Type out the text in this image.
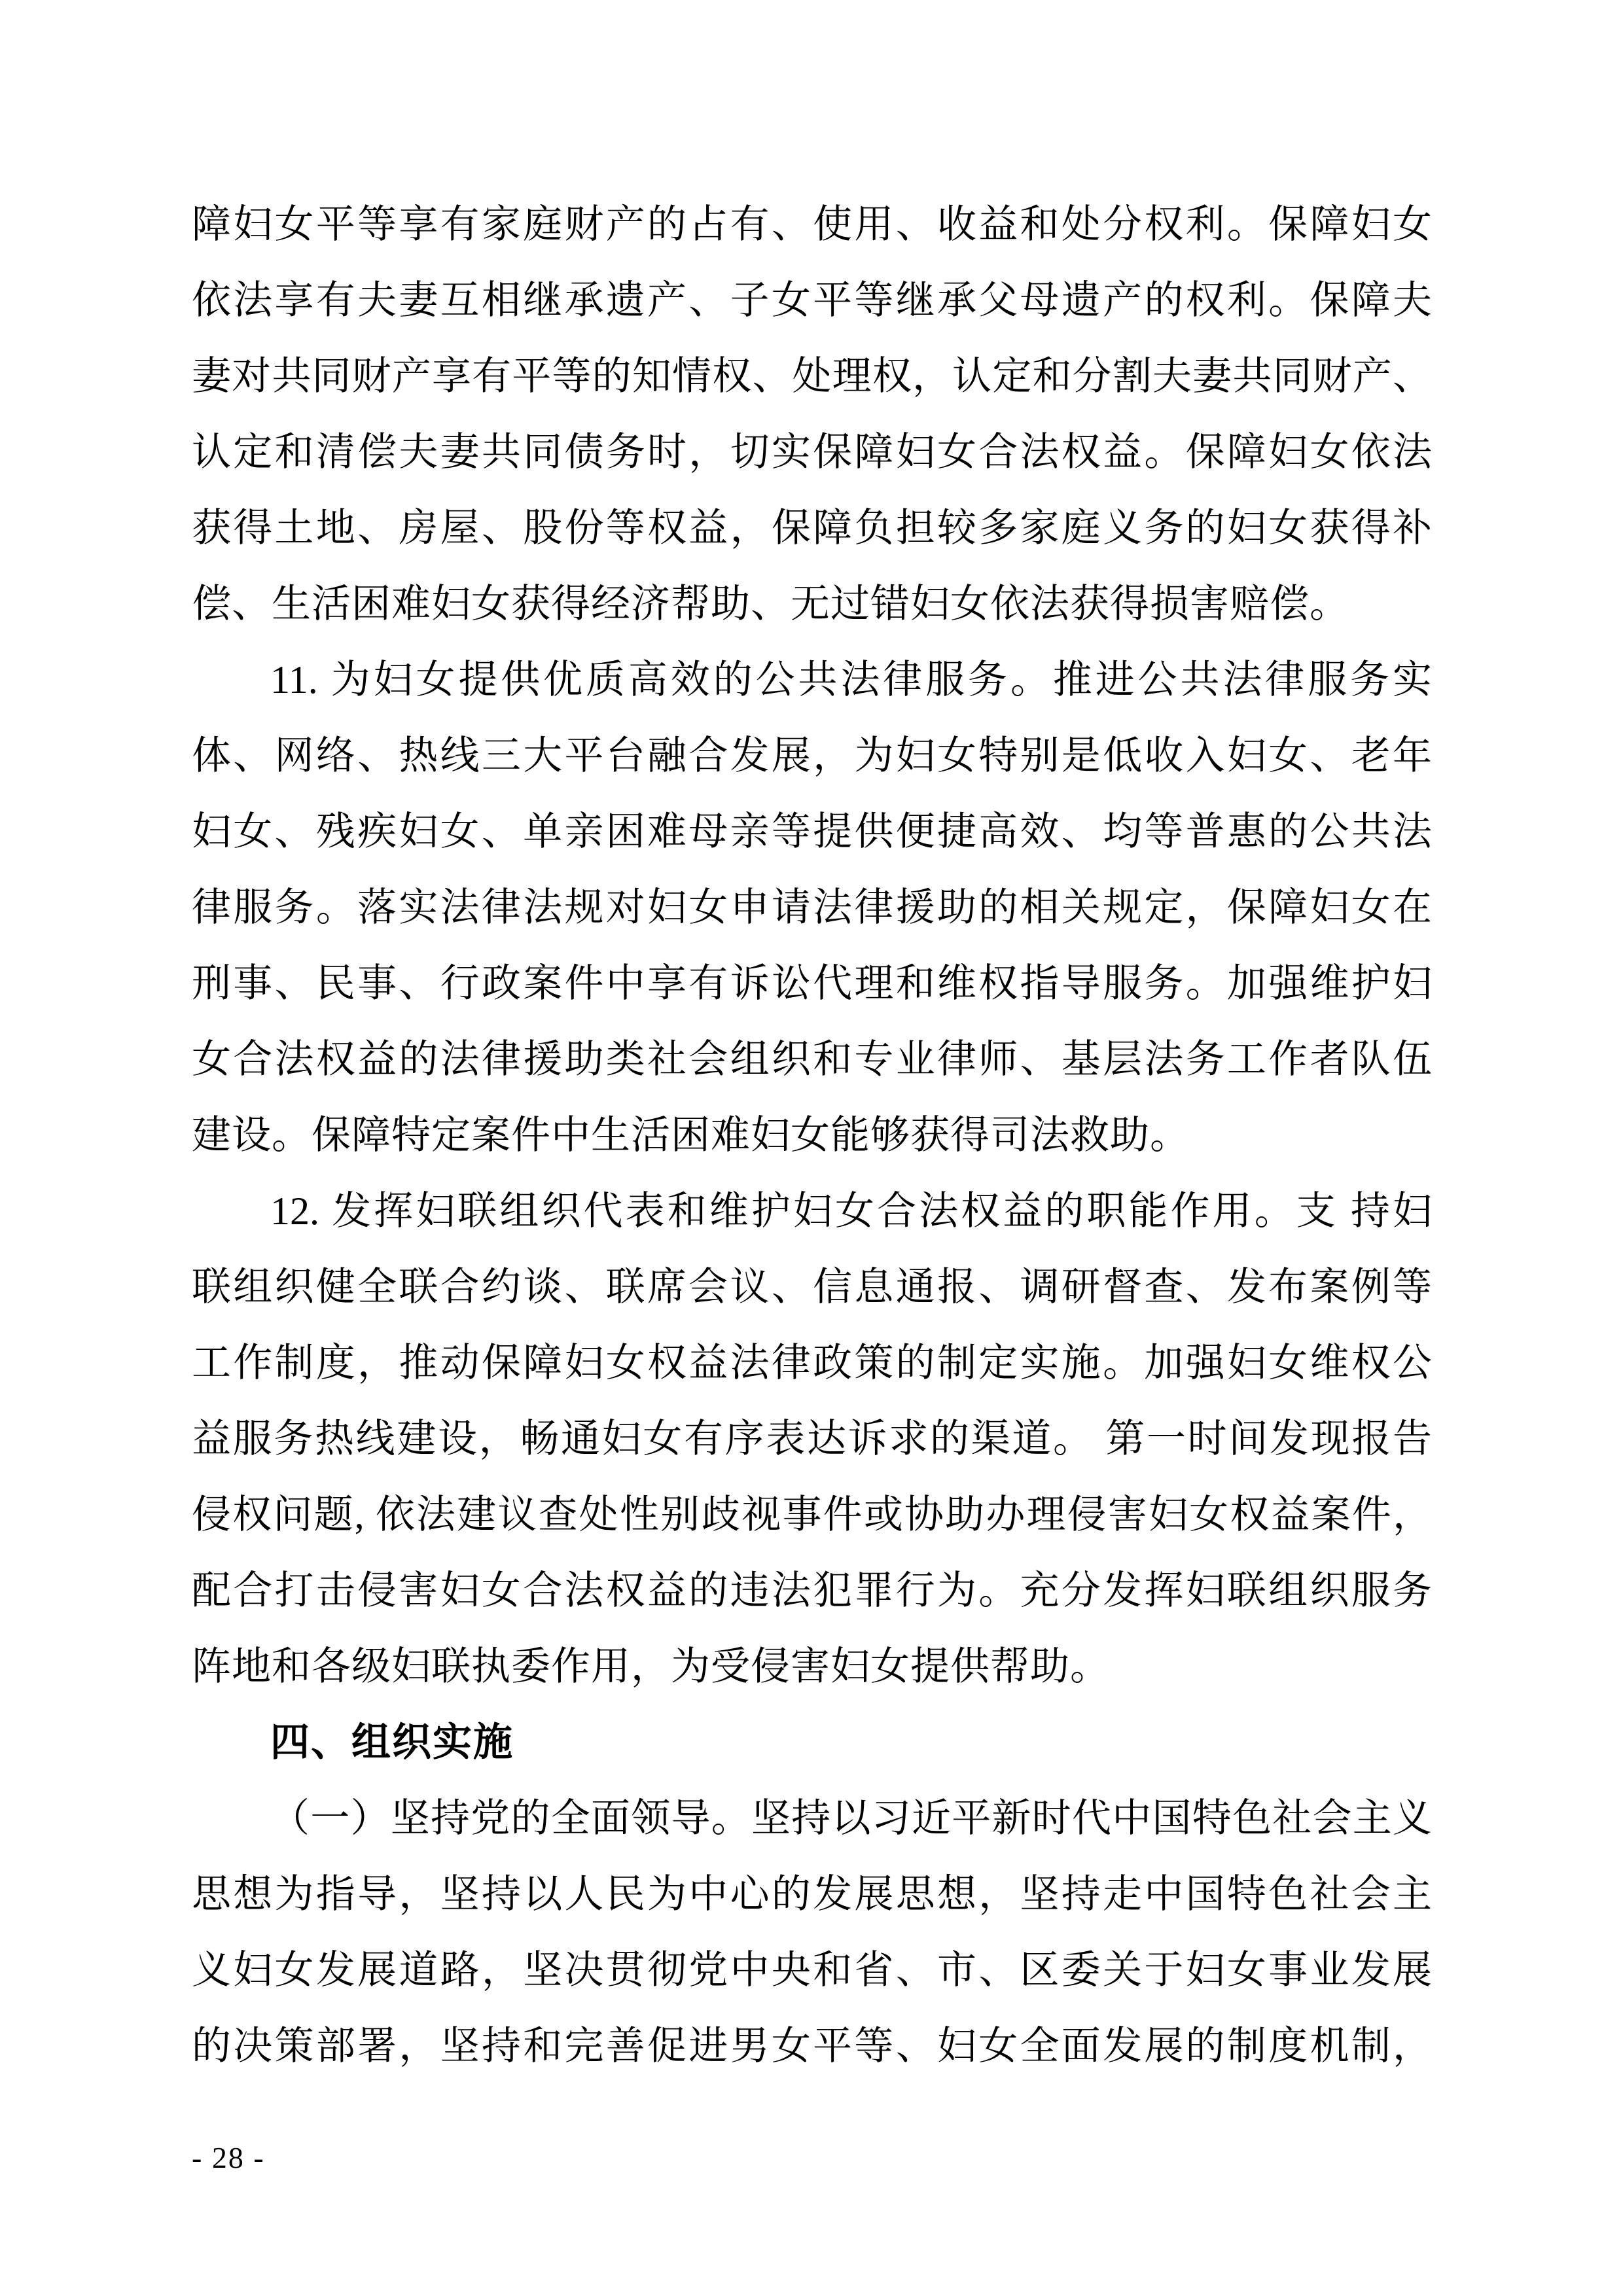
障妇女平等享有家庭财产的占有、使用、收益和处分权利。保障妇女
依法享有夫妻互相继承遗产、子女平等继承父母遗产的权利。保障夫
妻对共同财产享有平等的知情权、处理权，认定和分割夫妻共同财产、
认定和清偿夫妻共同债务时，切实保障妇女合法权益。保障妇女依法
获得土地、房屋、股份等权益，保障负担较多家庭义务的妇女获得补
偿、生活困难妇女获得经济帮助、无过错妇女依法获得损害赔偿。
11. 为妇女提供优质高效的公共法律服务。推进公共法律服务实
体、网络、热线三大平台融合发展，为妇女特别是低收入妇女、老年
妇女、残疾妇女、单亲困难母亲等提供便捷高效、均等普惠的公共法
律服务。落实法律法规对妇女申请法律援助的相关规定，保障妇女在
刑事、民事、行政案件中享有诉讼代理和维权指导服务。加强维护妇
女合法权益的法律援助类社会组织和专业律师、基层法务工作者队伍
建设。保障特定案件中生活困难妇女能够获得司法救助。
12. 发挥妇联组织代表和维护妇女合法权益的职能作用。支 持妇
联组织健全联合约谈、联席会议、信息通报、调研督查、发布案例等
工作制度，推动保障妇女权益法律政策的制定实施。加强妇女维权公
益服务热线建设，畅通妇女有序表达诉求的渠道。 第一时间发现报告
侵权问题, 依法建议查处性别歧视事件或协助办理侵害妇女权益案件，
配合打击侵害妇女合法权益的违法犯罪行为。充分发挥妇联组织服务
阵地和各级妇联执委作用，为受侵害妇女提供帮助。
四、组织实施
（一）坚持党的全面领导。坚持以习近平新时代中国特色社会主义
思想为指导，坚持以人民为中心的发展思想，坚持走中国特色社会主
义妇女发展道路，坚决贯彻党中央和省、市、区委关于妇女事业发展
的决策部署，坚持和完善促进男女平等、妇女全面发展的制度机制，
- 28 -
